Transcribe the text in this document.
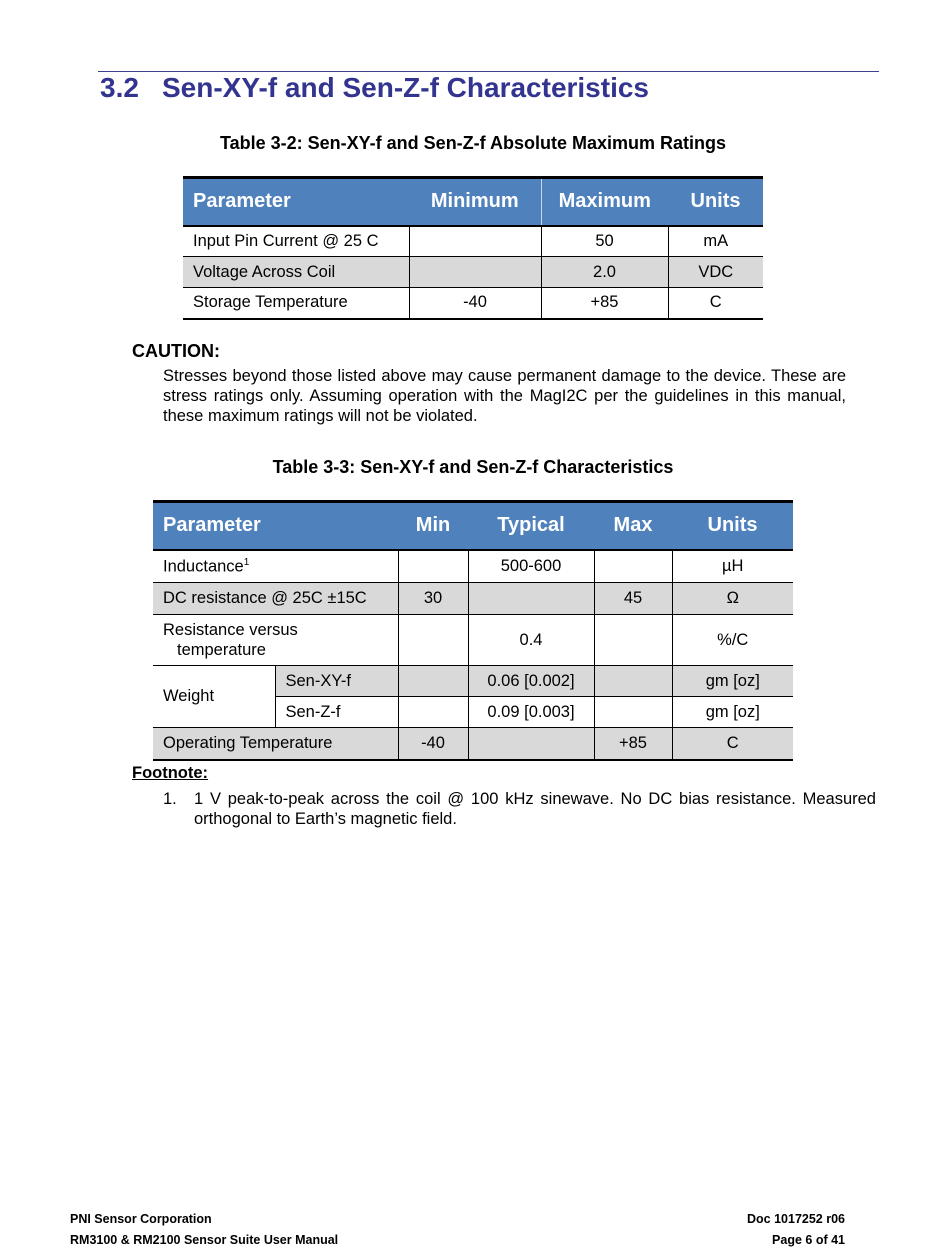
3.2 Sen-XY-f and Sen-Z-f Characteristics

Table 3-2: Sen-XY-f and Sen-Z-f Absolute Maximum Ratings

Parameter	Minimum	Maximum	Units
Input Pin Current @ 25 C		50	mA
Voltage Across Coil		2.0	VDC
Storage Temperature	-40	+85	C

CAUTION:

Stresses beyond those listed above may cause permanent damage to the device. These are stress ratings only. Assuming operation with the MagI2C per the guidelines in this manual, these maximum ratings will not be violated.

Table 3-3: Sen-XY-f and Sen-Z-f Characteristics

Parameter		Min	Typical	Max	Units
Inductance$^1$			500-600		µH
DC resistance @ 25C ±15C		30		45	Ω

Resistance versus
temperature			0.4		%/C
Weight	Sen-XY-f		0.06 [0.002]		gm [oz]
	Sen-Z-f		0.09 [0.003]		gm [oz]
Operating Temperature		-40		+85	C

Footnote:

1. 1 V peak-to-peak across the coil @ 100 kHz sinewave. No DC bias resistance. Measured orthogonal to Earth’s magnetic field.

PNI Sensor Corporation

RM3100 & RM2100 Sensor Suite User Manual

Doc 1017252 r06

Page 6 of 41
